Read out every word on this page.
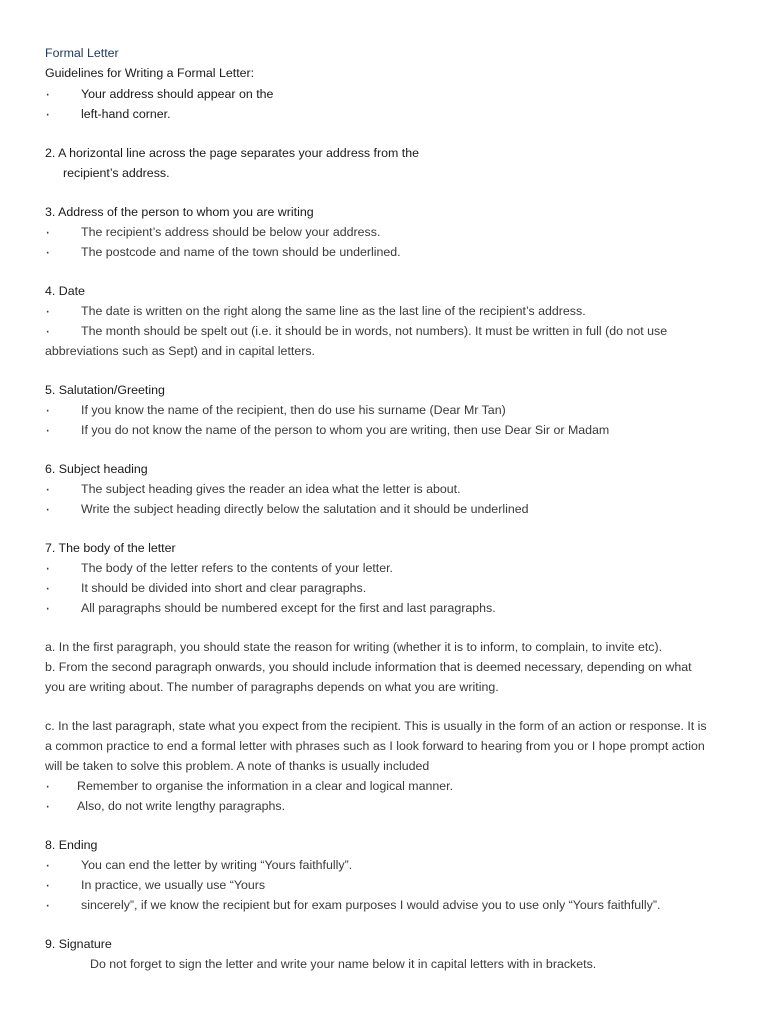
Formal Letter
Guidelines for Writing a Formal Letter:
·	Your address should appear on the
·	left-hand corner.
2. A horizontal line across the page separates your address from the
recipient’s address.
3. Address of the person to whom you are writing
·	The recipient’s address should be below your address.
·	The postcode and name of the town should be underlined.
4. Date
·	The date is written on the right along the same line as the last line of the recipient’s address.
·	The month should be spelt out (i.e. it should be in words, not numbers). It must be written in full (do not use
abbreviations such as Sept) and in capital letters.
5. Salutation/Greeting
·	If you know the name of the recipient, then do use his surname (Dear Mr Tan)
·	If you do not know the name of the person to whom you are writing, then use Dear Sir or Madam
6. Subject heading
·	The subject heading gives the reader an idea what the letter is about.
·	Write the subject heading directly below the salutation and it should be underlined
7. The body of the letter
·	The body of the letter refers to the contents of your letter.
·	It should be divided into short and clear paragraphs.
·	All paragraphs should be numbered except for the first and last paragraphs.
a. In the first paragraph, you should state the reason for writing (whether it is to inform, to complain, to invite etc).
b. From the second paragraph onwards, you should include information that is deemed necessary, depending on what
you are writing about. The number of paragraphs depends on what you are writing.
c. In the last paragraph, state what you expect from the recipient. This is usually in the form of an action or response. It is
a common practice to end a formal letter with phrases such as I look forward to hearing from you or I hope prompt action
will be taken to solve this problem. A note of thanks is usually included
·	Remember to organise the information in a clear and logical manner.
·	Also, do not write lengthy paragraphs.
8. Ending
·	You can end the letter by writing “Yours faithfully”.
·	In practice, we usually use “Yours
·	sincerely”, if we know the recipient but for exam purposes I would advise you to use only “Yours faithfully”.
9. Signature
Do not forget to sign the letter and write your name below it in capital letters with in brackets.
